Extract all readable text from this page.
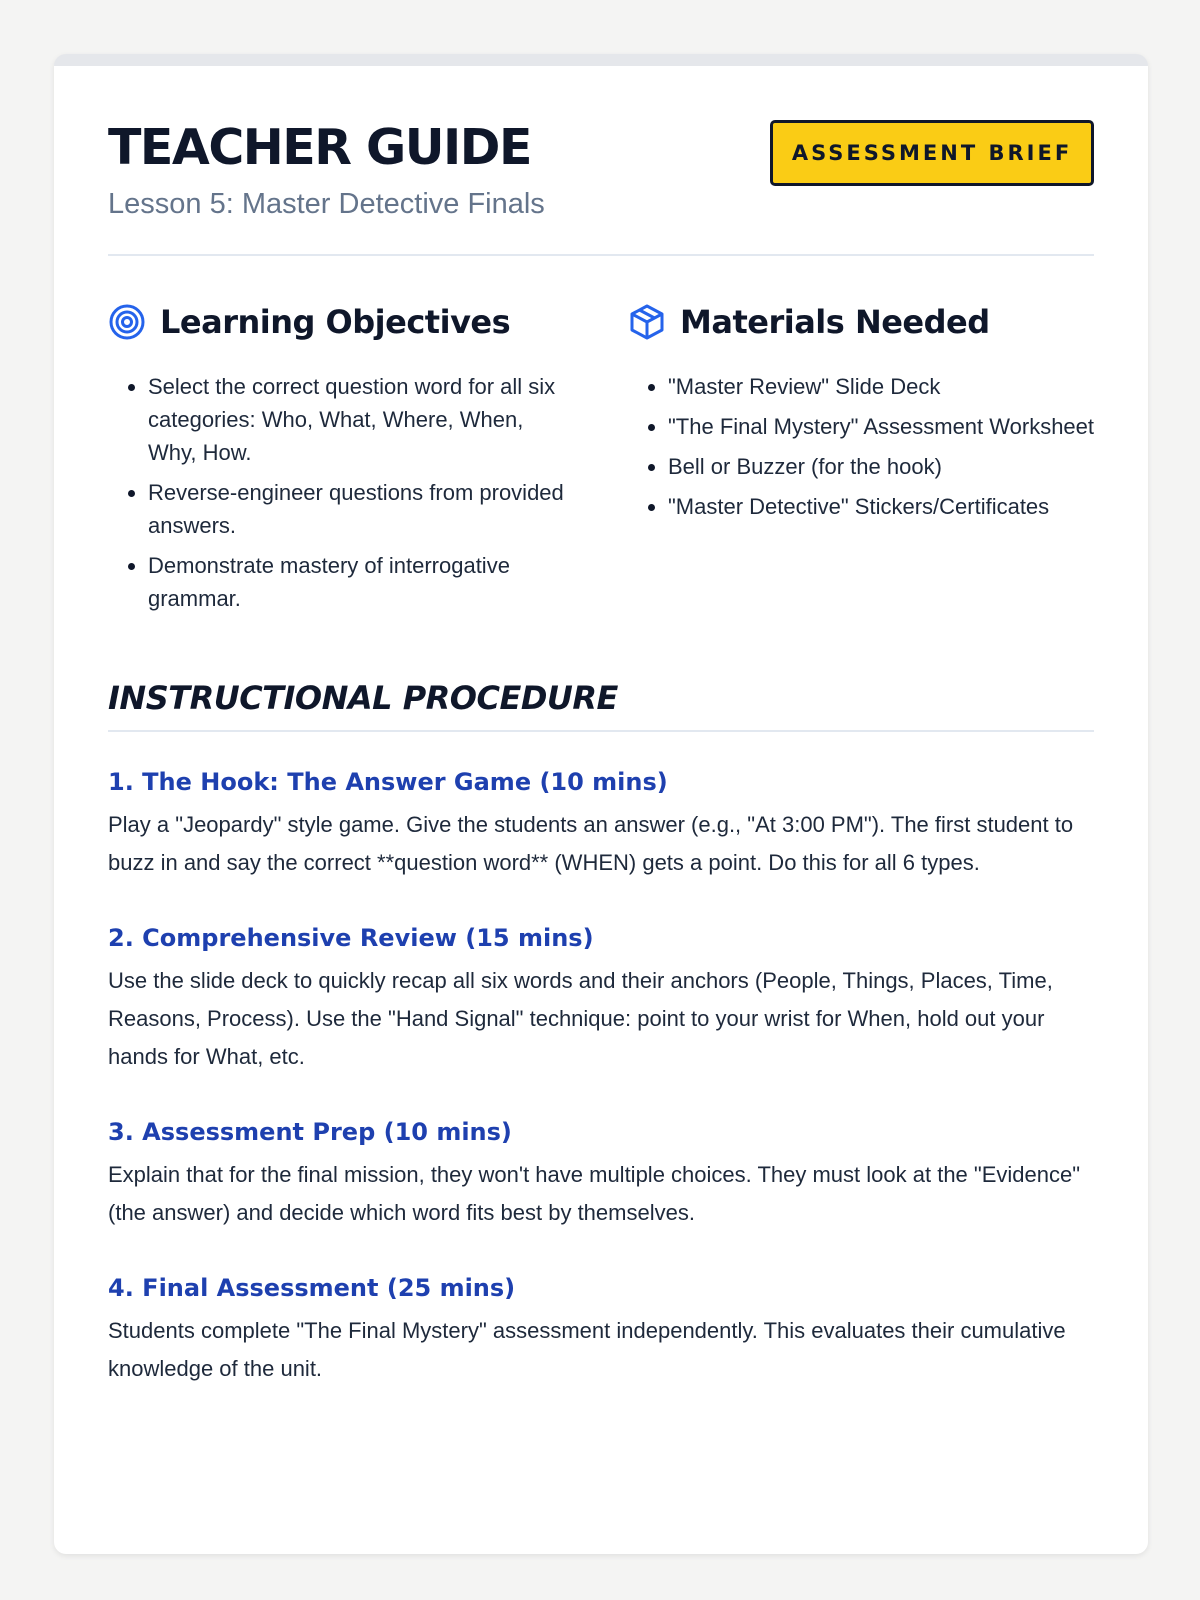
TEACHER GUIDE
Lesson 5: Master Detective Finals
ASSESSMENT BRIEF
Learning Objectives
• Select the correct question word for all six categories: Who, What, Where, When, Why, How.
• Reverse-engineer questions from provided answers.
• Demonstrate mastery of interrogative grammar.
Materials Needed
• "Master Review" Slide Deck
• "The Final Mystery" Assessment Worksheet
• Bell or Buzzer (for the hook)
• "Master Detective" Stickers/Certificates
INSTRUCTIONAL PROCEDURE
1. The Hook: The Answer Game (10 mins)
Play a "Jeopardy" style game. Give the students an answer (e.g., "At 3:00 PM"). The first student to buzz in and say the correct **question word** (WHEN) gets a point. Do this for all 6 types.
2. Comprehensive Review (15 mins)
Use the slide deck to quickly recap all six words and their anchors (People, Things, Places, Time, Reasons, Process). Use the "Hand Signal" technique: point to your wrist for When, hold out your hands for What, etc.
3. Assessment Prep (10 mins)
Explain that for the final mission, they won't have multiple choices. They must look at the "Evidence" (the answer) and decide which word fits best by themselves.
4. Final Assessment (25 mins)
Students complete "The Final Mystery" assessment independently. This evaluates their cumulative knowledge of the unit.
